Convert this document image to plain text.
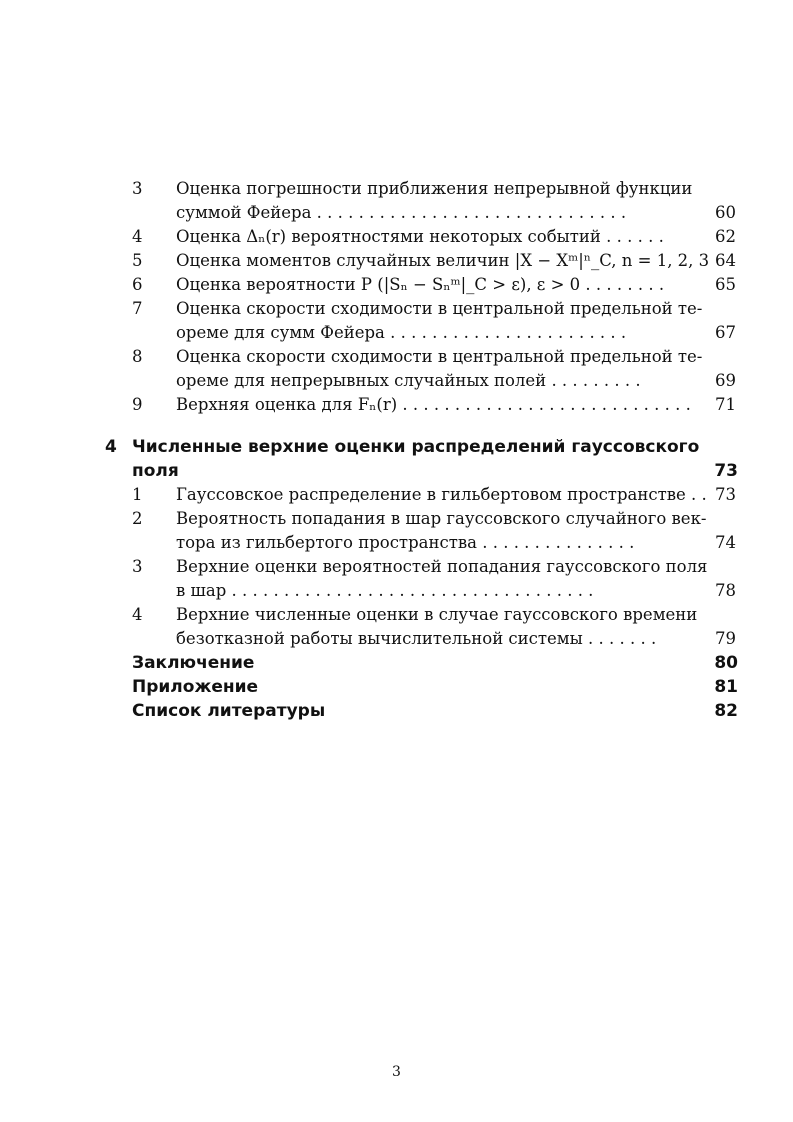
3	Оценка погрешности приближения непрерывной функции
суммой Фейера . . . . . . . . . . . . . . . . . . . . . . . . . . . . . .	60
4	Оценка Δₙ(r) вероятностями некоторых событий . . . . . .	62
5	Оценка моментов случайных величин |X − Xᵐ|ⁿ_C, n = 1, 2, 3 64
6	Оценка вероятности P (|Sₙ − Sₙᵐ|_C > ε), ε > 0 . . . . . . . .	65
7	Оценка скорости сходимости в центральной предельной те-
ореме для сумм Фейера . . . . . . . . . . . . . . . . . . . . . . .	67
8	Оценка скорости сходимости в центральной предельной те-
ореме для непрерывных случайных полей . . . . . . . . .	69
9	Верхняя оценка для Fₙ(r) . . . . . . . . . . . . . . . . . . . . . . . . . . . .	71
4 Численные верхние оценки распределений гауссовского
поля	73
1	Гауссовское распределение в гильбертовом пространстве . . 73
2	Вероятность попадания в шар гауссовского случайного век-
тора из гильбертого пространства . . . . . . . . . . . . . . .	74
3	Верхние оценки вероятностей попадания гауссовского поля
в шар . . . . . . . . . . . . . . . . . . . . . . . . . . . . . . . . . . .	78
4	Верхние численные оценки в случае гауссовского времени
безотказной работы вычислительной системы . . . . . . .	79
Заключение	80
Приложение	81
Список литературы	82
3
